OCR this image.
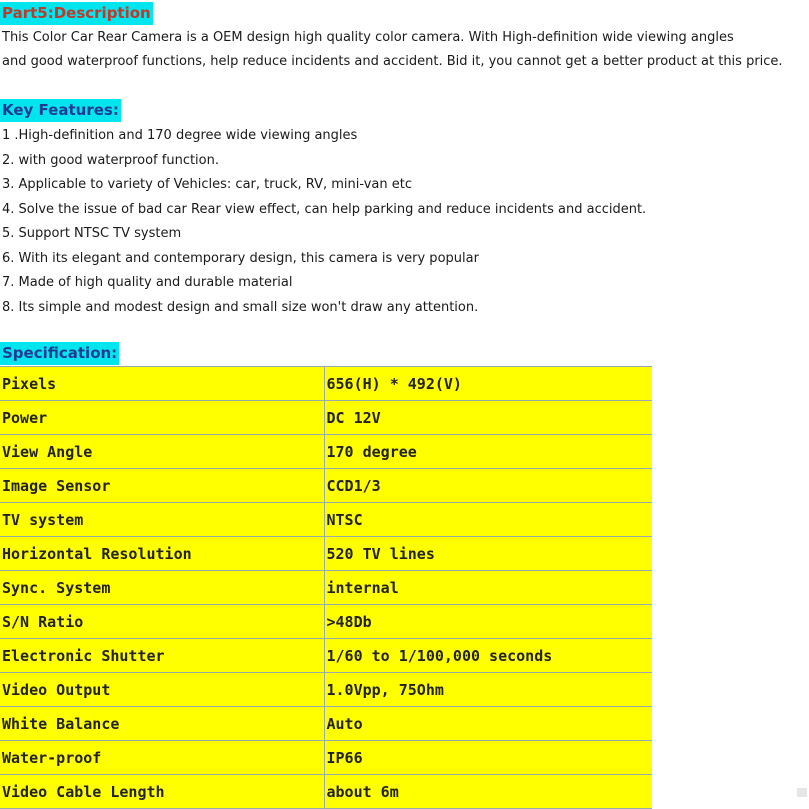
Part5:Description

This Color Car Rear Camera is a OEM design high quality color camera. With High-definition wide viewing angles

and good waterproof functions, help reduce incidents and accident. Bid it, you cannot get a better product at this price.

Key Features:
1 .High-definition and 170 degree wide viewing angles
2. with good waterproof function.
3. Applicable to variety of Vehicles: car, truck, RV, mini-van etc
4. Solve the issue of bad car Rear view effect, can help parking and reduce incidents and accident.
5. Support NTSC TV system
6. With its elegant and contemporary design, this camera is very popular
7. Made of high quality and durable material
8. Its simple and modest design and small size won't draw any attention.
Specification:
Pixels	656(H) * 492(V)
Power	DC 12V
View Angle	170 degree
Image Sensor	CCD1/3
TV system	NTSC
Horizontal Resolution	520 TV lines
Sync. System	internal
S/N Ratio	>48Db
Electronic Shutter	1/60 to 1/100,000 seconds
Video Output	1.0Vpp, 75Ohm
White Balance	Auto
Water-proof	IP66
Video Cable Length	about 6m
